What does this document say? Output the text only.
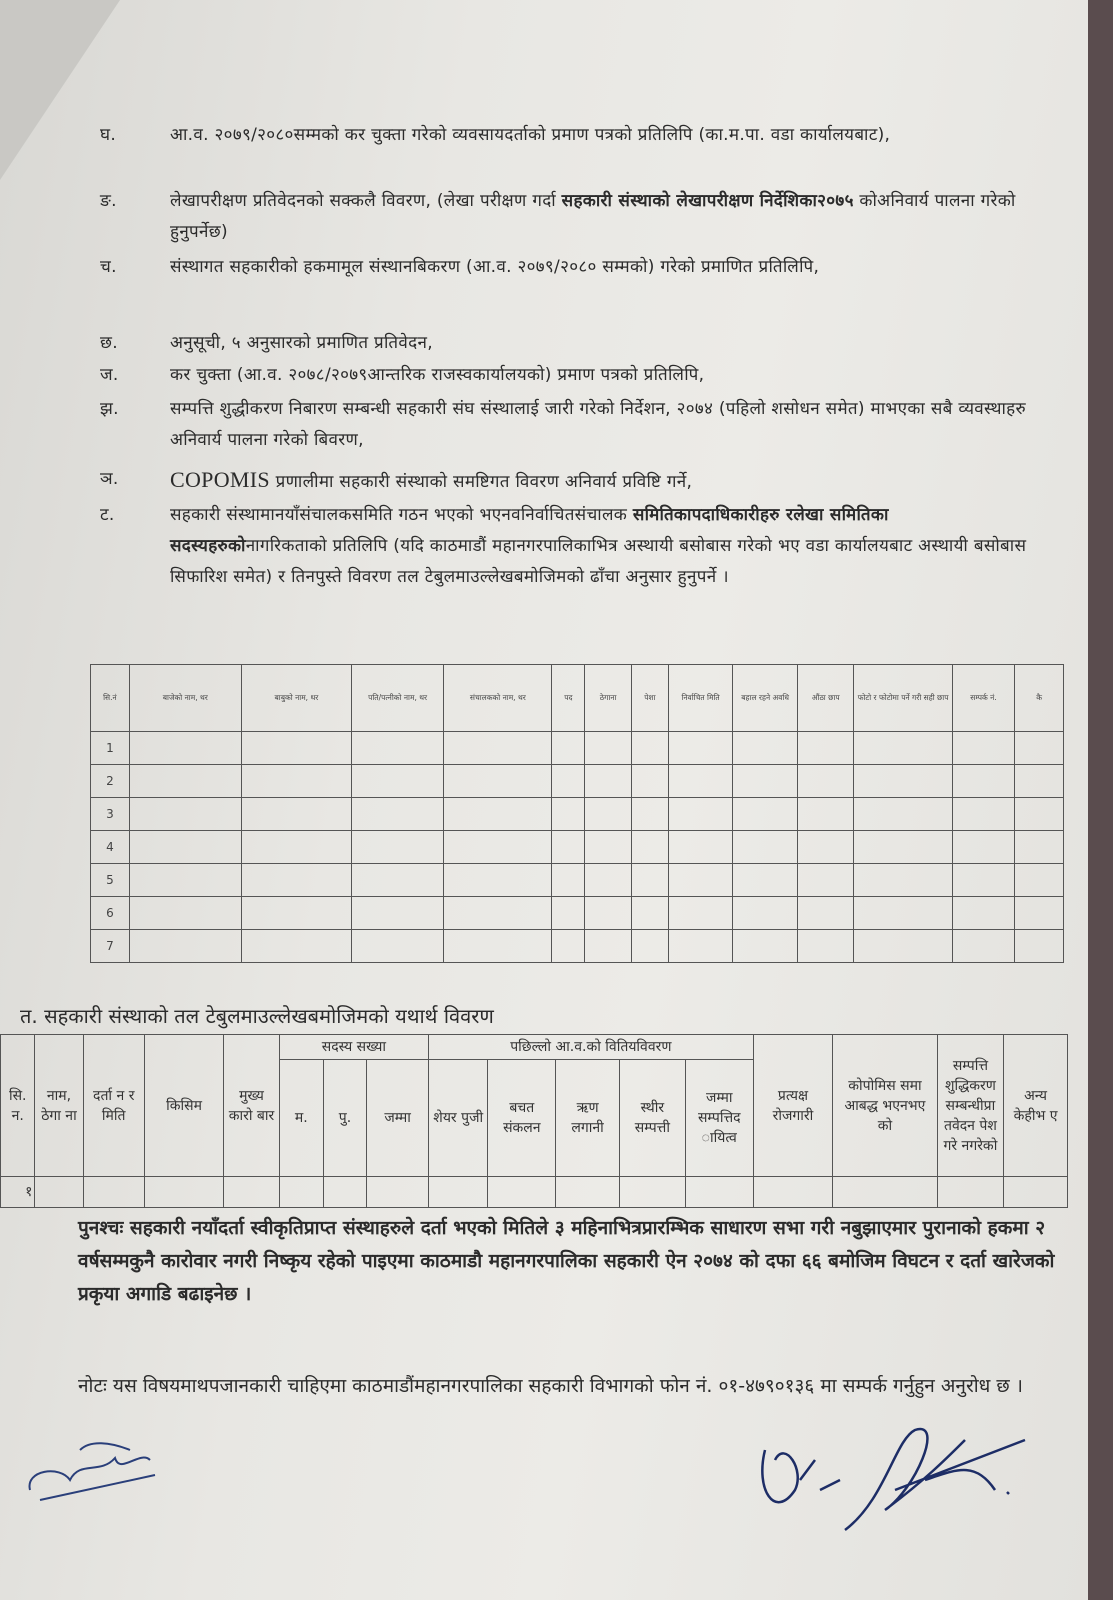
घ.	आ.व. २०७९/२०८०सम्मको कर चुक्ता गरेको व्यवसायदर्ताको प्रमाण पत्रको प्रतिलिपि (का.म.पा. वडा कार्यालयबाट),
ङ.	लेखापरीक्षण प्रतिवेदनको सक्कलै विवरण, (लेखा परीक्षण गर्दा सहकारी संस्थाको लेखापरीक्षण निर्देशिका२०७५ कोअनिवार्य पालना गरेको हुनुपर्नेछ)
च.	संस्थागत सहकारीको हकमामूल संस्थानबिकरण (आ.व. २०७९/२०८० सम्मको) गरेको प्रमाणित प्रतिलिपि,
छ.	अनुसूची, ५ अनुसारको प्रमाणित प्रतिवेदन,
ज.	कर चुक्ता (आ.व. २०७८/२०७९आन्तरिक राजस्वकार्यालयको) प्रमाण पत्रको प्रतिलिपि,
झ.	सम्पत्ति शुद्धीकरण निबारण सम्बन्धी सहकारी संघ संस्थालाई जारी गरेको निर्देशन, २०७४ (पहिलो शसोधन समेत) माभएका सबै व्यवस्थाहरु अनिवार्य पालना गरेको बिवरण,
ञ.	COPOMIS प्रणालीमा सहकारी संस्थाको समष्टिगत विवरण अनिवार्य प्रविष्टि गर्ने,
ट.	सहकारी संस्थामानयाँसंचालकसमिति गठन भएको भएनवनिर्वाचितसंचालक समितिकापदाधिकारीहरु रलेखा समितिका सदस्यहरुकोनागरिकताको प्रतिलिपि (यदि काठमाडौं महानगरपालिकाभित्र अस्थायी बसोबास गरेको भए वडा कार्यालयबाट अस्थायी बसोबास सिफारिश समेत) र तिनपुस्ते विवरण तल टेबुलमाउल्लेखबमोजिमको ढाँचा अनुसार हुनुपर्ने ।
सि.नं	बाजेको नाम, थर	बाबुको नाम, थर	पति/पत्नीको नाम, थर	संचालकको नाम, थर	पद	ठेगाना	पेशा	निर्वाचित मिति	बहाल रहने अवधि	औंठा छाप	फोटो र फोटोमा पर्ने गरी सही छाप	सम्पर्क नं.	कै
1													
2													
3													
4													
5													
6													
7													
त. सहकारी संस्थाको तल टेबुलमाउल्लेखबमोजिमको यथार्थ विवरण
सि. न.	नाम, ठेगा ना	दर्ता न र मिति	किसिम	मुख्य कारो बार	सदस्य सख्या			पछिल्लो आ.व.को वितियविवरण					प्रत्यक्ष रोजगारी	कोपोमिस समा आबद्ध भएनभए को	सम्पत्ति शुद्धिकरण सम्बन्धीप्रा तवेदन पेश गरे नगरेको	अन्य केहीभ ए
					म.	पु.	जम्मा	शेयर पुजी	बचत संकलन	ऋण लगानी	स्थीर सम्पत्ती	जम्मा सम्पत्तिद ायित्व				
१																
पुनश्चः सहकारी नयाँदर्ता स्वीकृतिप्राप्त संस्थाहरुले दर्ता भएको मितिले ३ महिनाभित्रप्रारम्भिक साधारण सभा गरी नबुझाएमार पुरानाको हकमा २ वर्षसम्मकुनै कारोवार नगरी निष्कृय रहेको पाइएमा काठमाडौ महानगरपालिका सहकारी ऐन २०७४ को दफा ६६ बमोजिम विघटन र दर्ता खारेजको प्रकृया अगाडि बढाइनेछ ।
नोटः यस विषयमाथपजानकारी चाहिएमा काठमाडौंमहानगरपालिका सहकारी विभागको फोन नं. ०१-४७९०१३६ मा सम्पर्क गर्नुहुन अनुरोध छ ।
